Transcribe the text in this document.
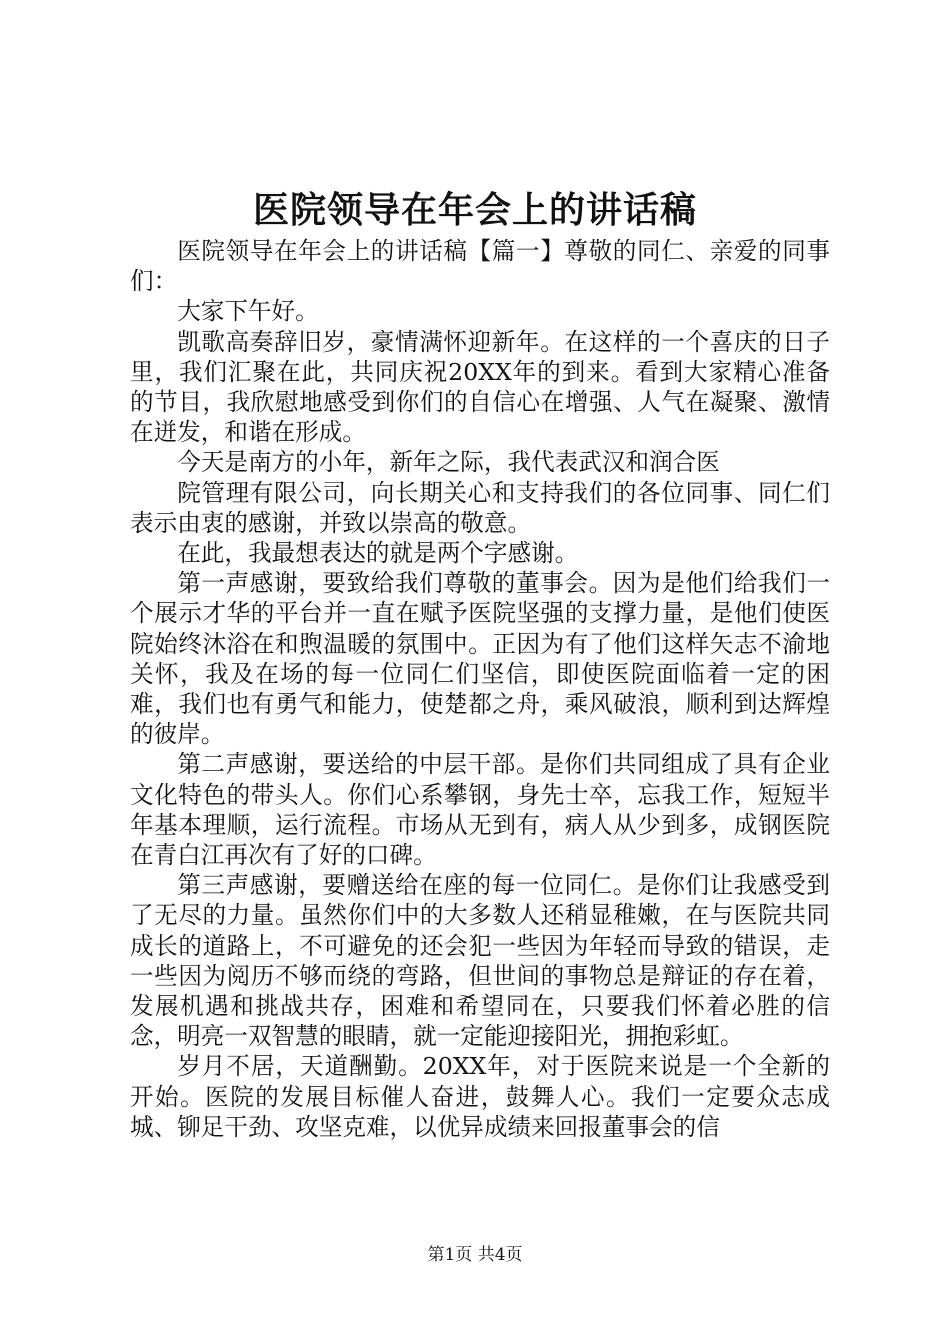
医院领导在年会上的讲话稿

医院领导在年会上的讲话稿【篇一】尊敬的同仁、亲爱的同事们：

大家下午好。

凯歌高奏辞旧岁，豪情满怀迎新年。在这样的一个喜庆的日子里，我们汇聚在此，共同庆祝20XX年的到来。看到大家精心准备的节目，我欣慰地感受到你们的自信心在增强、人气在凝聚、激情在迸发，和谐在形成。

今天是南方的小年，新年之际，我代表武汉和润合医

院管理有限公司，向长期关心和支持我们的各位同事、同仁们表示由衷的感谢，并致以崇高的敬意。

在此，我最想表达的就是两个字感谢。

第一声感谢，要致给我们尊敬的董事会。因为是他们给我们一个展示才华的平台并一直在赋予医院坚强的支撑力量，是他们使医院始终沐浴在和煦温暖的氛围中。正因为有了他们这样矢志不渝地关怀，我及在场的每一位同仁们坚信，即使医院面临着一定的困难，我们也有勇气和能力，使楚都之舟，乘风破浪，顺利到达辉煌的彼岸。

第二声感谢，要送给的中层干部。是你们共同组成了具有企业文化特色的带头人。你们心系攀钢，身先士卒，忘我工作，短短半年基本理顺，运行流程。市场从无到有，病人从少到多，成钢医院在青白江再次有了好的口碑。

第三声感谢，要赠送给在座的每一位同仁。是你们让我感受到了无尽的力量。虽然你们中的大多数人还稍显稚嫩，在与医院共同成长的道路上，不可避免的还会犯一些因为年轻而导致的错误，走一些因为阅历不够而绕的弯路，但世间的事物总是辩证的存在着，发展机遇和挑战共存，困难和希望同在，只要我们怀着必胜的信念，明亮一双智慧的眼睛，就一定能迎接阳光，拥抱彩虹。

岁月不居，天道酬勤。20XX年，对于医院来说是一个全新的开始。医院的发展目标催人奋进，鼓舞人心。我们一定要众志成城、铆足干劲、攻坚克难，以优异成绩来回报董事会的信

第1页 共4页
